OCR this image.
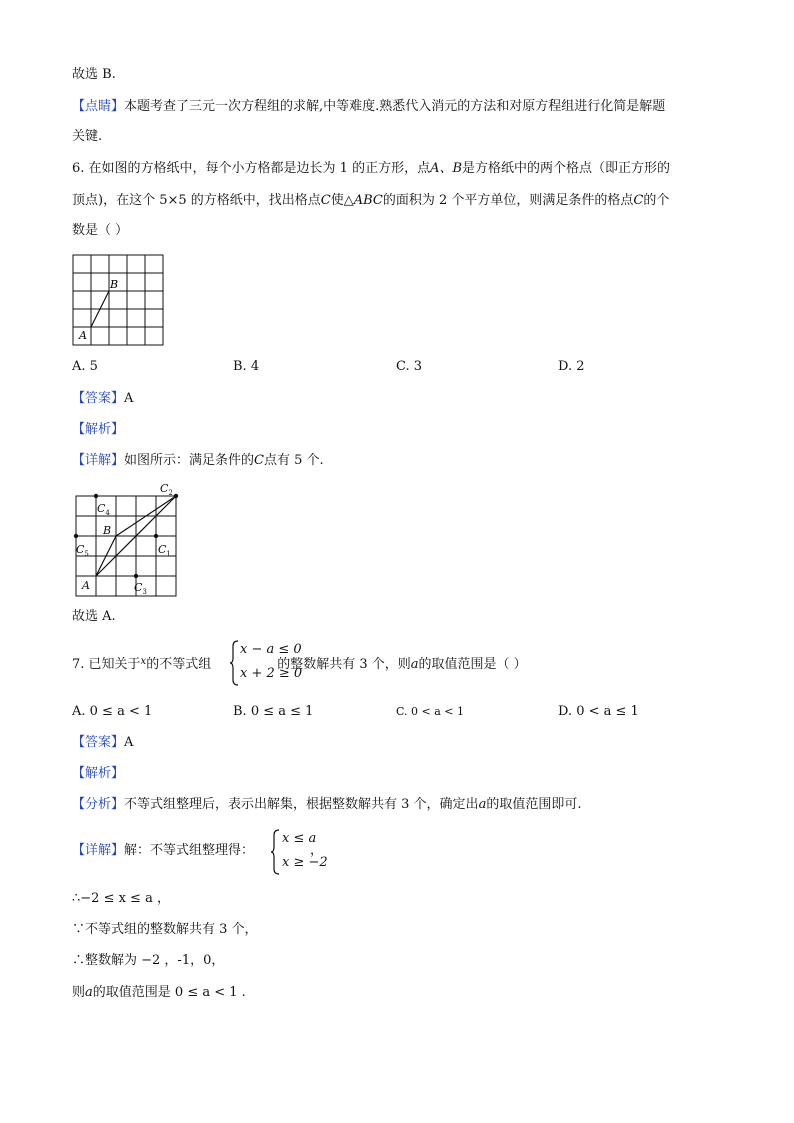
故选 B.
【点睛】本题考查了三元一次方程组的求解,中等难度.熟悉代入消元的方法和对原方程组进行化简是解题
关键.
6. 在如图的方格纸中，每个小方格都是边长为 1 的正方形，点A、B是方格纸中的两个格点（即正方形的
顶点)，在这个 5×5 的方格纸中，找出格点C使△ABC的面积为 2 个平方单位，则满足条件的格点C的个
数是（ ）
A
B
A. 5	B. 4	C. 3	D. 2
【答案】A
【解析】
【详解】如图所示：满足条件的C点有 5 个.
$C_4$
$C_2$
B
$C_5$	$C_1$
A	$C_3$
故选 A.
7. 已知关于$^x$的不等式组	的整数解共有 3 个，则a的取值范围是（ ）
x − a ≤ 0
x + 2 ≥ 0
A. 0 ≤ a < 1	B. 0 ≤ a ≤ 1	C. 0 < a < 1	D. 0 < a ≤ 1
【答案】A
【解析】
【分析】不等式组整理后，表示出解集，根据整数解共有 3 个，确定出a的取值范围即可.
【详解】解：不等式组整理得：	，
x ≤ a
x ≥ −2
∴−2 ≤ x ≤ a ，
∵不等式组的整数解共有 3 个，
∴整数解为 −2 ，-1，0，
则a的取值范围是 0 ≤ a < 1 .
